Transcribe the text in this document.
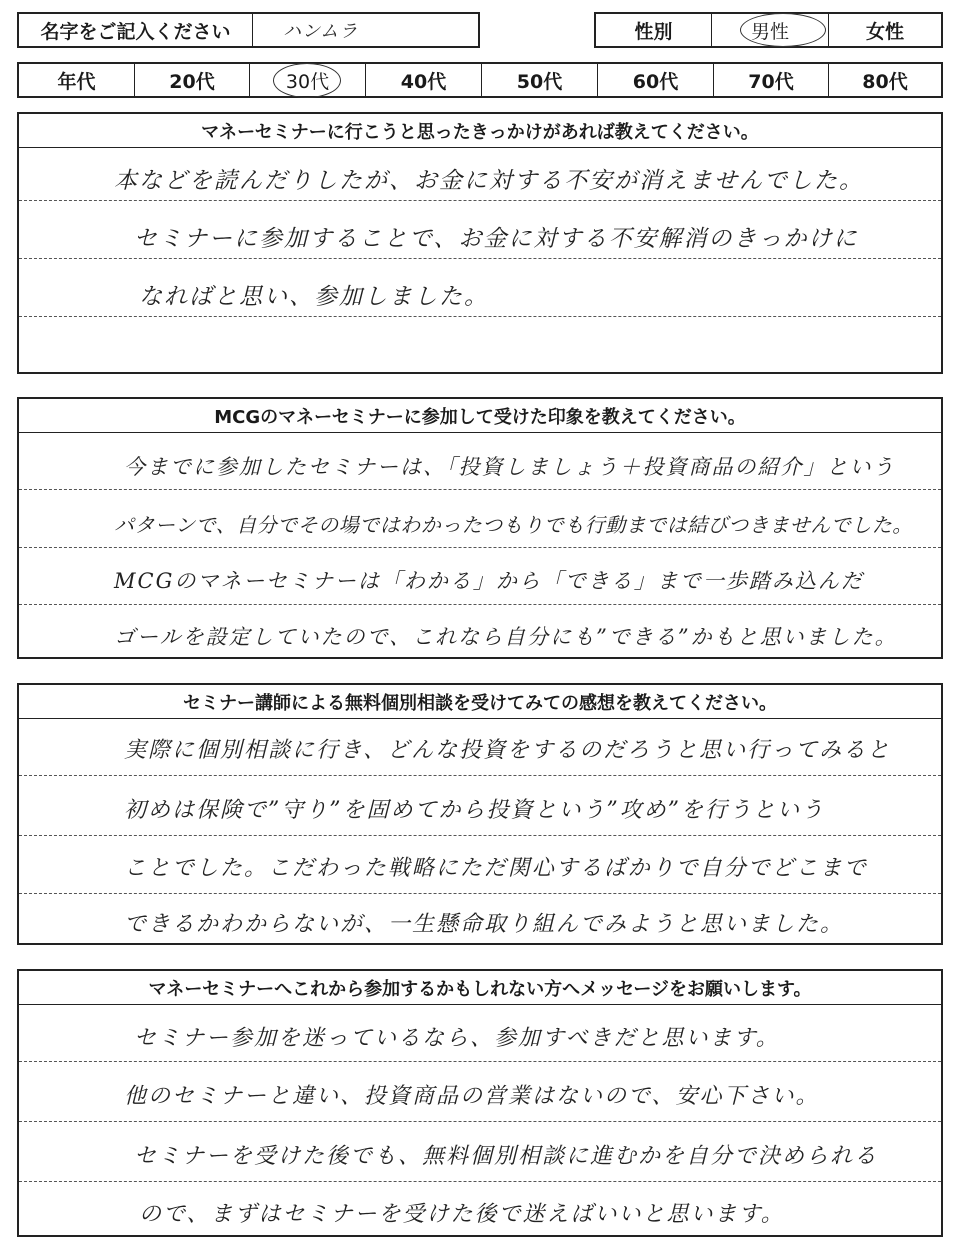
名字をご記入ください	ハンムラ	性別	男性	女性
年代	20代	30代	40代	50代	60代	70代	80代
マネーセミナーに行こうと思ったきっかけがあれば教えてください。
本などを読んだりしたが、お金に対する不安が消えませんでした。
セミナーに参加することで、お金に対する不安解消のきっかけに
なればと思い、参加しました。
MCGのマネーセミナーに参加して受けた印象を教えてください。
今までに参加したセミナーは、「投資しましょう＋投資商品の紹介」という
パターンで、自分でその場ではわかったつもりでも行動までは結びつきませんでした。
MCGのマネーセミナーは「わかる」から「できる」まで一歩踏み込んだ
ゴールを設定していたので、これなら自分にも”できる”かもと思いました。
セミナー講師による無料個別相談を受けてみての感想を教えてください。
実際に個別相談に行き、どんな投資をするのだろうと思い行ってみると
初めは保険で”守り”を固めてから投資という”攻め”を行うという
ことでした。こだわった戦略にただ関心するばかりで自分でどこまで
できるかわからないが、一生懸命取り組んでみようと思いました。
マネーセミナーへこれから参加するかもしれない方へメッセージをお願いします。
セミナー参加を迷っているなら、参加すべきだと思います。
他のセミナーと違い、投資商品の営業はないので、安心下さい。
セミナーを受けた後でも、無料個別相談に進むかを自分で決められる
ので、まずはセミナーを受けた後で迷えばいいと思います。
